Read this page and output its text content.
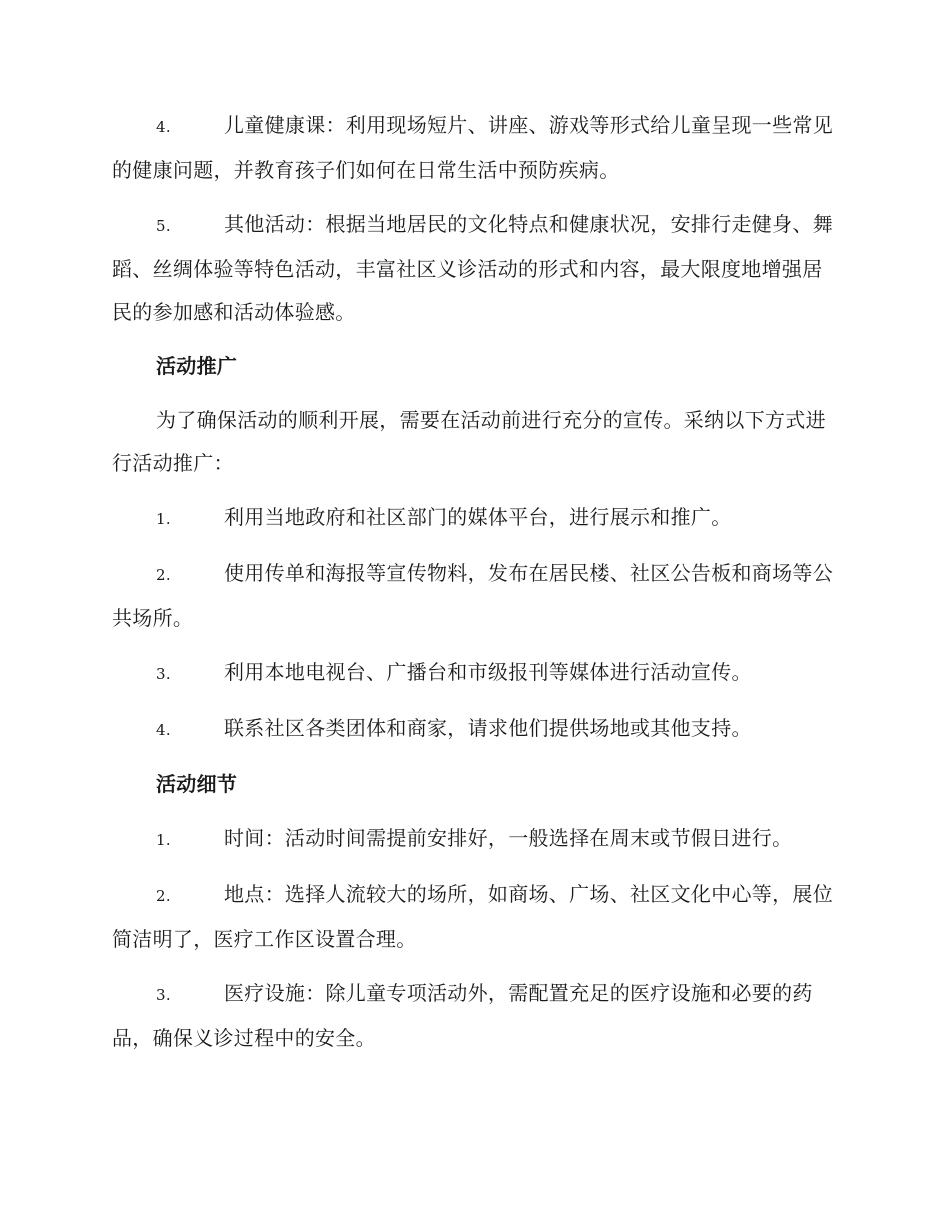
4.	儿童健康课：利用现场短片、讲座、游戏等形式给儿童呈现一些常见的健康问题，并教育孩子们如何在日常生活中预防疾病。

5.	其他活动：根据当地居民的文化特点和健康状况，安排行走健身、舞蹈、丝绸体验等特色活动，丰富社区义诊活动的形式和内容，最大限度地增强居民的参加感和活动体验感。

活动推广

为了确保活动的顺利开展，需要在活动前进行充分的宣传。采纳以下方式进行活动推广：

1.	利用当地政府和社区部门的媒体平台，进行展示和推广。

2.	使用传单和海报等宣传物料，发布在居民楼、社区公告板和商场等公共场所。

3.	利用本地电视台、广播台和市级报刊等媒体进行活动宣传。

4.	联系社区各类团体和商家，请求他们提供场地或其他支持。

活动细节

1.	时间：活动时间需提前安排好，一般选择在周末或节假日进行。

2.	地点：选择人流较大的场所，如商场、广场、社区文化中心等，展位简洁明了，医疗工作区设置合理。

3.	医疗设施：除儿童专项活动外，需配置充足的医疗设施和必要的药品，确保义诊过程中的安全。
